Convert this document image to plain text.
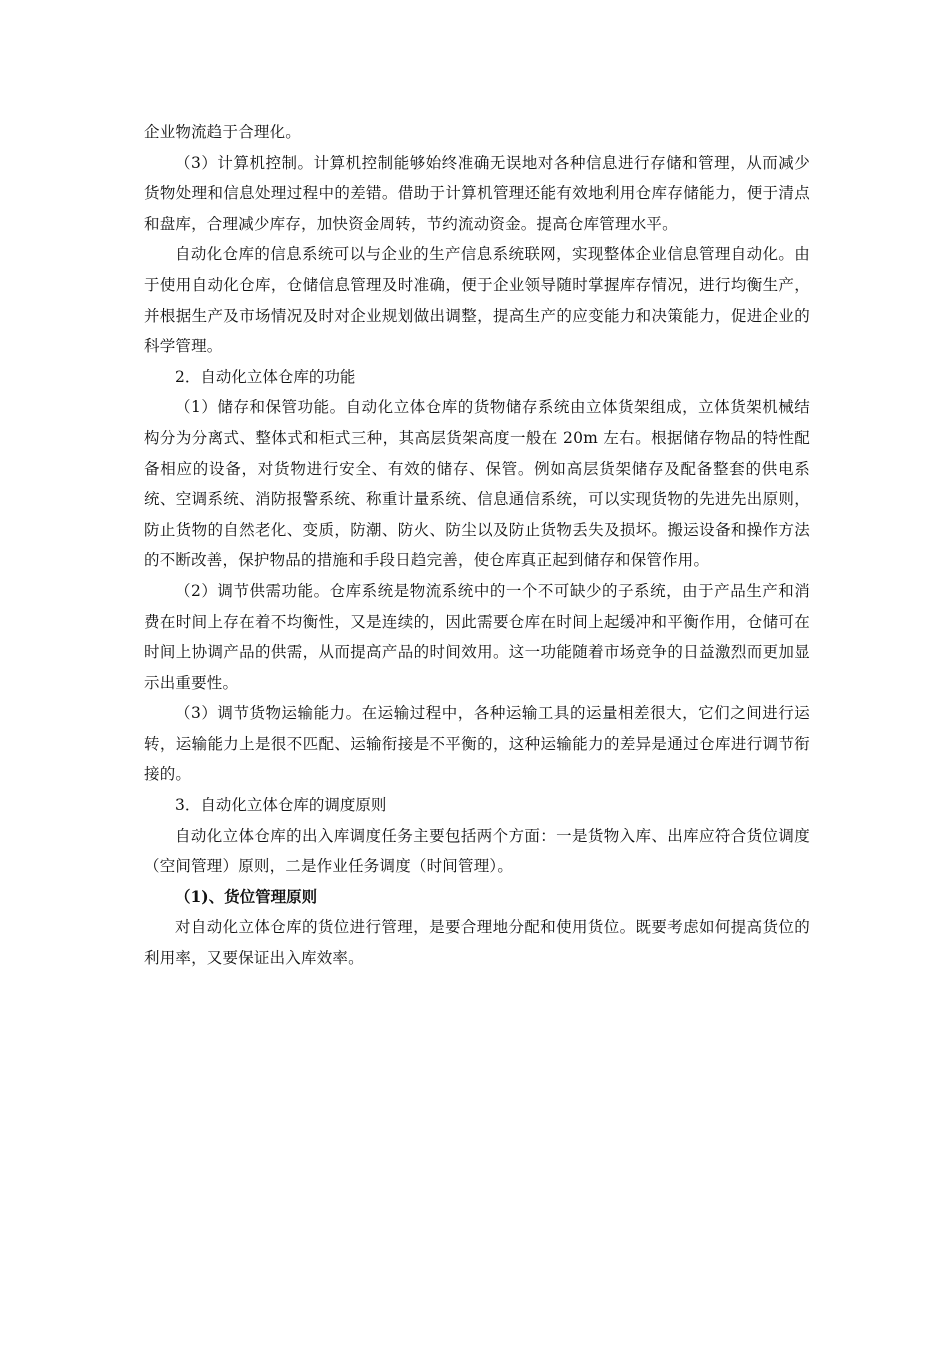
企业物流趋于合理化。

（3）计算机控制。计算机控制能够始终准确无误地对各种信息进行存储和管理，从而减少货物处理和信息处理过程中的差错。借助于计算机管理还能有效地利用仓库存储能力，便于清点和盘库，合理减少库存，加快资金周转，节约流动资金。提高仓库管理水平。

自动化仓库的信息系统可以与企业的生产信息系统联网，实现整体企业信息管理自动化。由于使用自动化仓库，仓储信息管理及时准确，便于企业领导随时掌握库存情况，进行均衡生产，并根据生产及市场情况及时对企业规划做出调整，提高生产的应变能力和决策能力，促进企业的科学管理。

2．自动化立体仓库的功能

（1）储存和保管功能。自动化立体仓库的货物储存系统由立体货架组成，立体货架机械结构分为分离式、整体式和柜式三种，其高层货架高度一般在 20m 左右。根据储存物品的特性配备相应的设备，对货物进行安全、有效的储存、保管。例如高层货架储存及配备整套的供电系统、空调系统、消防报警系统、称重计量系统、信息通信系统，可以实现货物的先进先出原则，防止货物的自然老化、变质，防潮、防火、防尘以及防止货物丢失及损坏。搬运设备和操作方法的不断改善，保护物品的措施和手段日趋完善，使仓库真正起到储存和保管作用。

（2）调节供需功能。仓库系统是物流系统中的一个不可缺少的子系统，由于产品生产和消费在时间上存在着不均衡性，又是连续的，因此需要仓库在时间上起缓冲和平衡作用，仓储可在时间上协调产品的供需，从而提高产品的时间效用。这一功能随着市场竞争的日益激烈而更加显示出重要性。

（3）调节货物运输能力。在运输过程中，各种运输工具的运量相差很大，它们之间进行运转，运输能力上是很不匹配、运输衔接是不平衡的，这种运输能力的差异是通过仓库进行调节衔接的。

3．自动化立体仓库的调度原则

自动化立体仓库的出入库调度任务主要包括两个方面：一是货物入库、出库应符合货位调度（空间管理）原则，二是作业任务调度（时间管理）。

（1)、货位管理原则

对自动化立体仓库的货位进行管理，是要合理地分配和使用货位。既要考虑如何提高货位的利用率，又要保证出入库效率。
